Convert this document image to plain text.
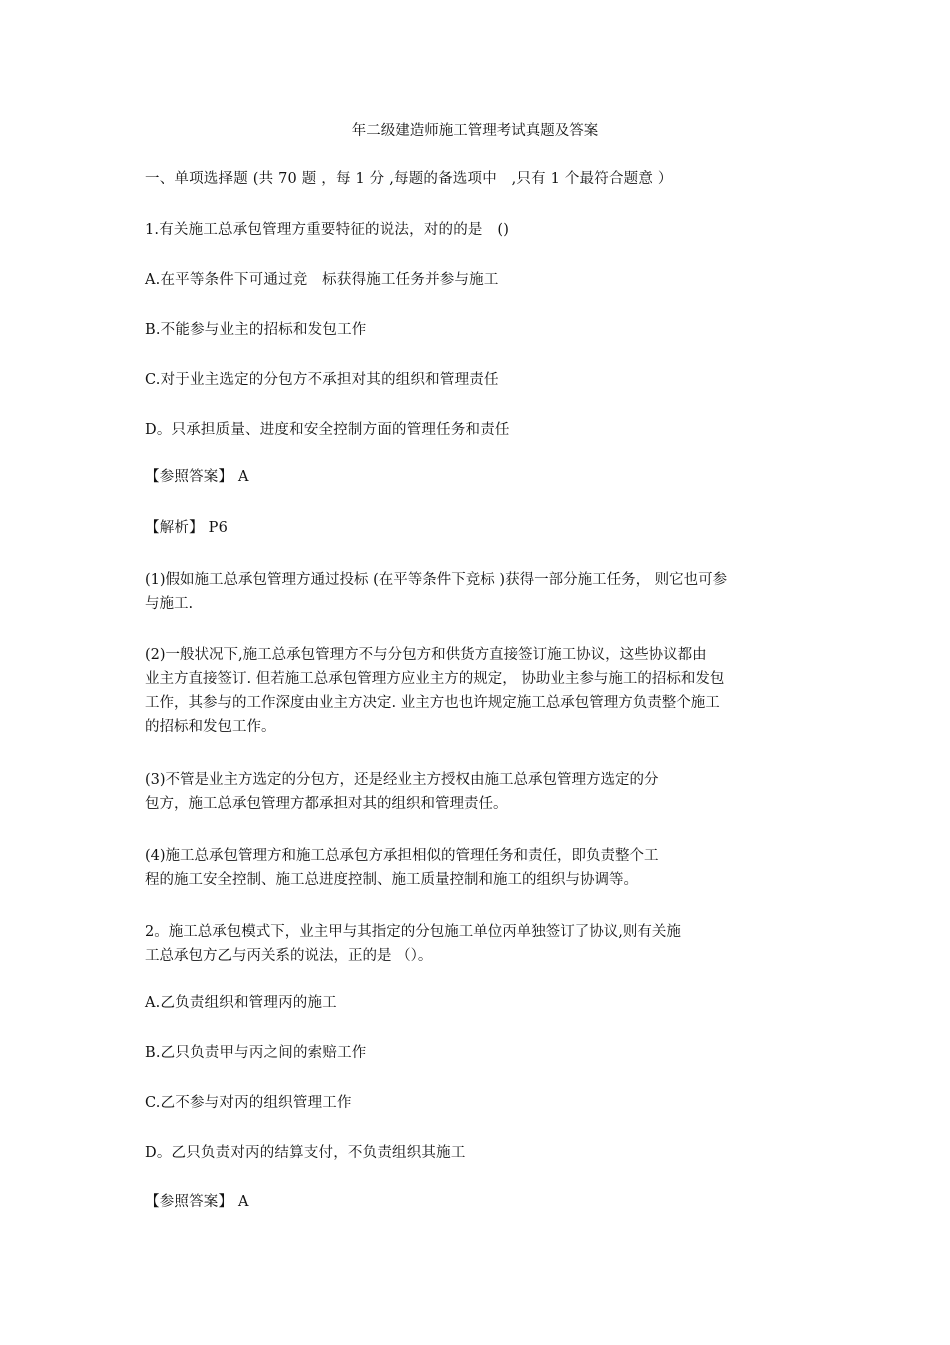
年二级建造师施工管理考试真题及答案
一、单项选择题 (共 70 题 ，每 1 分 ,每题的备选项中　,只有 1 个最符合题意 ）
1.有关施工总承包管理方重要特征的说法，对的的是　()
A.在平等条件下可通过竞　标获得施工任务并参与施工
B.不能参与业主的招标和发包工作
C.对于业主选定的分包方不承担对其的组织和管理责任
D。只承担质量、进度和安全控制方面的管理任务和责任
【参照答案】 A
【解析】 P6
(1)假如施工总承包管理方通过投标 (在平等条件下竞标 )获得一部分施工任务， 则它也可参
与施工.
(2)一般状况下,施工总承包管理方不与分包方和供货方直接签订施工协议，这些协议都由
业主方直接签订. 但若施工总承包管理方应业主方的规定， 协助业主参与施工的招标和发包
工作，其参与的工作深度由业主方决定. 业主方也也许规定施工总承包管理方负责整个施工
的招标和发包工作。
(3)不管是业主方选定的分包方，还是经业主方授权由施工总承包管理方选定的分
包方，施工总承包管理方都承担对其的组织和管理责任。
(4)施工总承包管理方和施工总承包方承担相似的管理任务和责任，即负责整个工
程的施工安全控制、施工总进度控制、施工质量控制和施工的组织与协调等。
2。施工总承包模式下，业主甲与其指定的分包施工单位丙单独签订了协议,则有关施
工总承包方乙与丙关系的说法，正的是 （）。
A.乙负责组织和管理丙的施工
B.乙只负责甲与丙之间的索赔工作
C.乙不参与对丙的组织管理工作
D。乙只负责对丙的结算支付，不负责组织其施工
【参照答案】 A
